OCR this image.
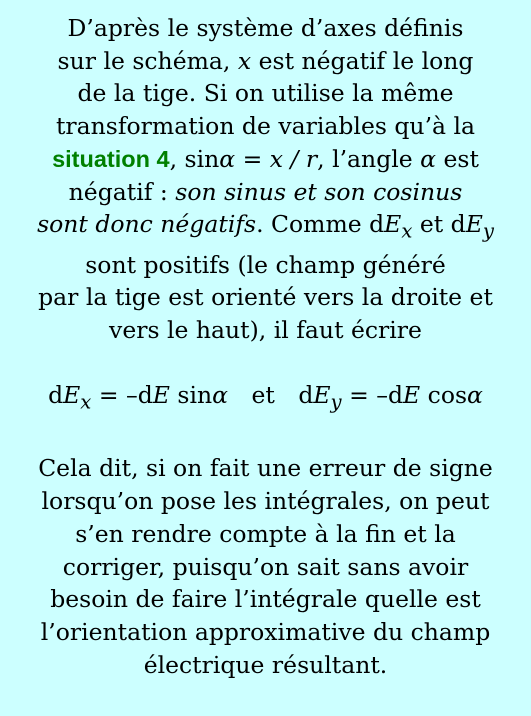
D’après le système d’axes définis
sur le schéma, x est négatif le long
de la tige. Si on utilise la même
transformation de variables qu’à la
situation 4, sinα = x / r, l’angle α est
négatif : son sinus et son cosinus
sont donc négatifs. Comme $dE_x$ et $dE_y$
sont positifs (le champ généré
par la tige est orienté vers la droite et
vers le haut), il faut écrire
$dE_x = -dE$ sinα et $dE_y = -dE$ cosα
Cela dit, si on fait une erreur de signe
lorsqu’on pose les intégrales, on peut
s’en rendre compte à la fin et la
corriger, puisqu’on sait sans avoir
besoin de faire l’intégrale quelle est
l’orientation approximative du champ
électrique résultant.
